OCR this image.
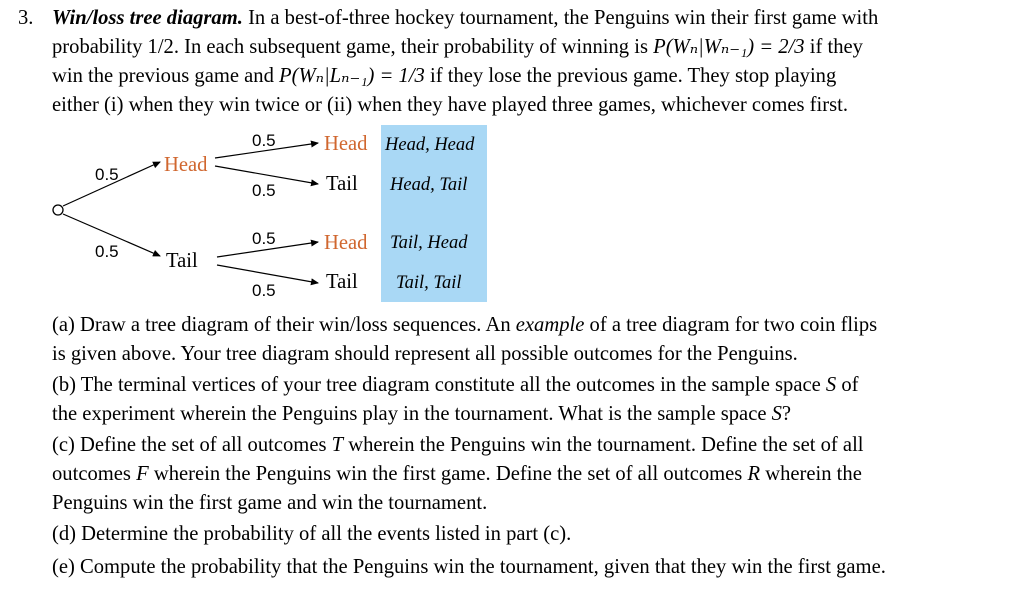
3. Win/loss tree diagram. In a best-of-three hockey tournament, the Penguins win their first game with
probability 1/2. In each subsequent game, their probability of winning is P(Wₙ|Wₙ₋₁) = 2/3 if they
win the previous game and P(Wₙ|Lₙ₋₁) = 1/3 if they lose the previous game. They stop playing
either (i) when they win twice or (ii) when they have played three games, whichever comes first.
0.5
0.5
Head
Tail
0.5
0.5
0.5
0.5
Head
Tail
Head
Tail
Head, Head
Head, Tail
Tail, Head
Tail, Tail
(a) Draw a tree diagram of their win/loss sequences. An example of a tree diagram for two coin flips
is given above. Your tree diagram should represent all possible outcomes for the Penguins.
(b) The terminal vertices of your tree diagram constitute all the outcomes in the sample space S of
the experiment wherein the Penguins play in the tournament. What is the sample space S?
(c) Define the set of all outcomes T wherein the Penguins win the tournament. Define the set of all
outcomes F wherein the Penguins win the first game. Define the set of all outcomes R wherein the
Penguins win the first game and win the tournament.
(d) Determine the probability of all the events listed in part (c).
(e) Compute the probability that the Penguins win the tournament, given that they win the first game.
